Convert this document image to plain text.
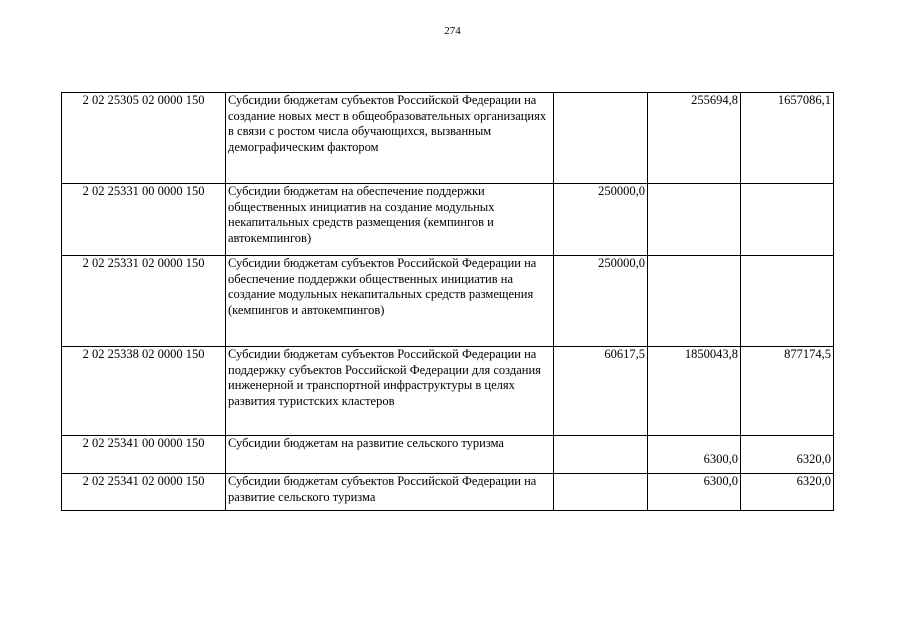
274
2 02 25305 02 0000 150	Субсидии бюджетам субъектов Российской Федерации на создание новых мест в общеобразовательных организациях в связи с ростом числа обучающихся, вызванным демографическим фактором		255694,8	1657086,1
2 02 25331 00 0000 150	Субсидии бюджетам на обеспечение поддержки общественных инициатив на создание модульных некапитальных средств размещения (кемпингов и автокемпингов)	250000,0		
2 02 25331 02 0000 150	Субсидии бюджетам субъектов Российской Федерации на обеспечение поддержки общественных инициатив на создание модульных некапитальных средств размещения (кемпингов и автокемпингов)	250000,0		
2 02 25338 02 0000 150	Субсидии бюджетам субъектов Российской Федерации на поддержку субъектов Российской Федерации для создания инженерной и транспортной инфраструктуры в целях развития туристских кластеров	60617,5	1850043,8	877174,5
2 02 25341 00 0000 150	Субсидии бюджетам на развитие сельского туризма		6300,0	6320,0
2 02 25341 02 0000 150	Субсидии бюджетам субъектов Российской Федерации на развитие сельского туризма		6300,0	6320,0
